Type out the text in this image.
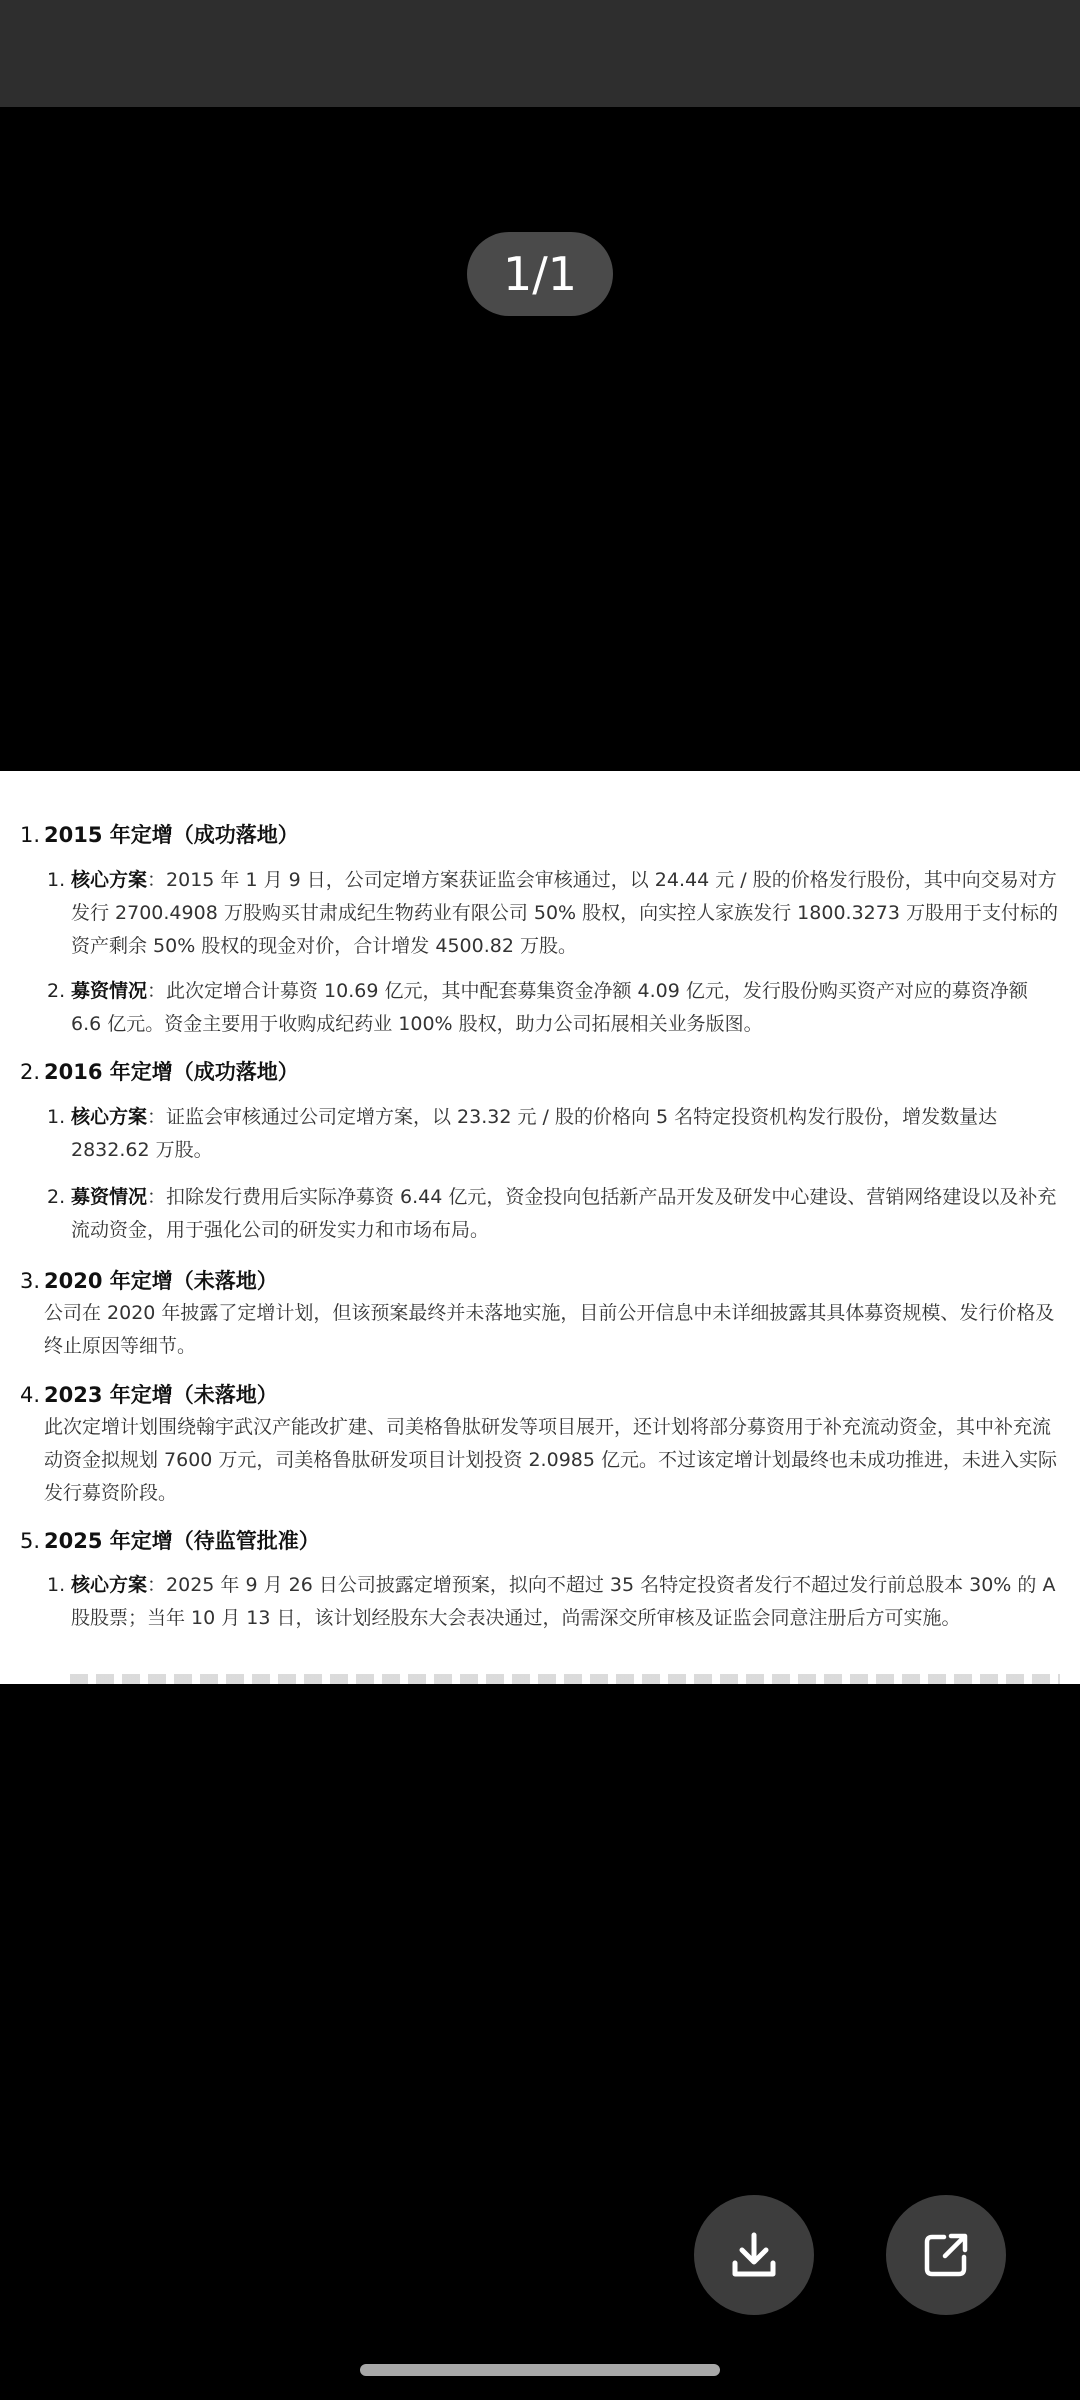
1/1
1. 2015 年定增（成功落地）
1. 核心方案：2015 年 1 月 9 日，公司定增方案获证监会审核通过，以 24.44 元 / 股的价格发行股份，其中向交易对方发行 2700.4908 万股购买甘肃成纪生物药业有限公司 50% 股权，向实控人家族发行 1800.3273 万股用于支付标的资产剩余 50% 股权的现金对价，合计增发 4500.82 万股。
2. 募资情况：此次定增合计募资 10.69 亿元，其中配套募集资金净额 4.09 亿元，发行股份购买资产对应的募资净额 6.6 亿元。资金主要用于收购成纪药业 100% 股权，助力公司拓展相关业务版图。
2. 2016 年定增（成功落地）
1. 核心方案：证监会审核通过公司定增方案，以 23.32 元 / 股的价格向 5 名特定投资机构发行股份，增发数量达 2832.62 万股。
2. 募资情况：扣除发行费用后实际净募资 6.44 亿元，资金投向包括新产品开发及研发中心建设、营销网络建设以及补充流动资金，用于强化公司的研发实力和市场布局。
3. 2020 年定增（未落地）
公司在 2020 年披露了定增计划，但该预案最终并未落地实施，目前公开信息中未详细披露其具体募资规模、发行价格及终止原因等细节。
4. 2023 年定增（未落地）
此次定增计划围绕翰宇武汉产能改扩建、司美格鲁肽研发等项目展开，还计划将部分募资用于补充流动资金，其中补充流动资金拟规划 7600 万元，司美格鲁肽研发项目计划投资 2.0985 亿元。不过该定增计划最终也未成功推进，未进入实际发行募资阶段。
5. 2025 年定增（待监管批准）
1. 核心方案：2025 年 9 月 26 日公司披露定增预案，拟向不超过 35 名特定投资者发行不超过发行前总股本 30% 的 A 股股票；当年 10 月 13 日，该计划经股东大会表决通过，尚需深交所审核及证监会同意注册后方可实施。
